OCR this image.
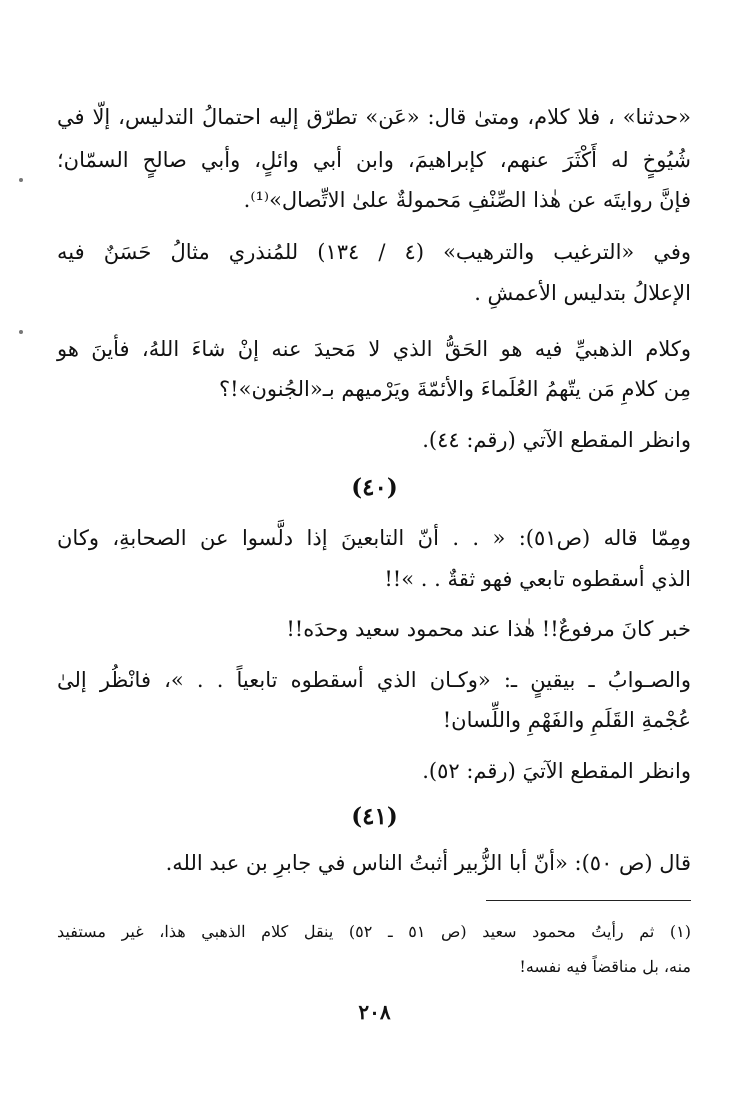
«حدثنا» ، فلا كلام، ومتىٰ قال: «عَن» تطرّق إليه احتمالُ التدليس، إلّا في
شُيُوخٍ له أَكْثَرَ عنهم، كإبراهيمَ، وابن أبي وائلٍ، وأبي صالحٍ السمّان؛
فإنَّ روايتَه عن هٰذا الصِّنْفِ مَحمولةٌ علىٰ الاتِّصال»⁽¹⁾.
وفي «الترغيب والترهيب» (٤ / ١٣٤) للمُنذري مثالُ حَسَنٌ فيه
الإعلالُ بتدليس الأعمشِ .
وكلام الذهبيِّ فيه هو الحَقُّ الذي لا مَحيدَ عنه إنْ شاءَ اللهُ، فأينَ هو
مِن كلامِ مَن يتّهمُ العُلَماءَ والأئمّةَ ويَرْميهم بـ«الجُنون»!؟
وانظر المقطع الآتي (رقم: ٤٤).
(٤٠)
ومِمّا قاله (ص٥١): « . . أنّ التابعينَ إذا دلَّسوا عن الصحابةِ، وكان
الذي أسقطوه تابعي فهو ثقةٌ . . »!!
خبر كانَ مرفوعٌ!! هٰذا عند محمود سعيد وحدَه!!
والصـوابُ ـ بيقينٍ ـ: «وكـان الذي أسقطوه تابعياً . . »، فانْظُر إلىٰ
عُجْمةِ القَلَمِ والفَهْمِ واللِّسان!
وانظر المقطع الآتيَ (رقم: ٥٢).
(٤١)
قال (ص ٥٠): «أنّ أبا الزُّبير أثبتُ الناس في جابرِ بن عبد الله.
(١) ثم رأيتُ محمود سعيد (ص ٥١ ـ ٥٢) ينقل كلام الذهبي هذا، غير مستفيد
منه، بل مناقضاً فيه نفسه!
٢٠٨
